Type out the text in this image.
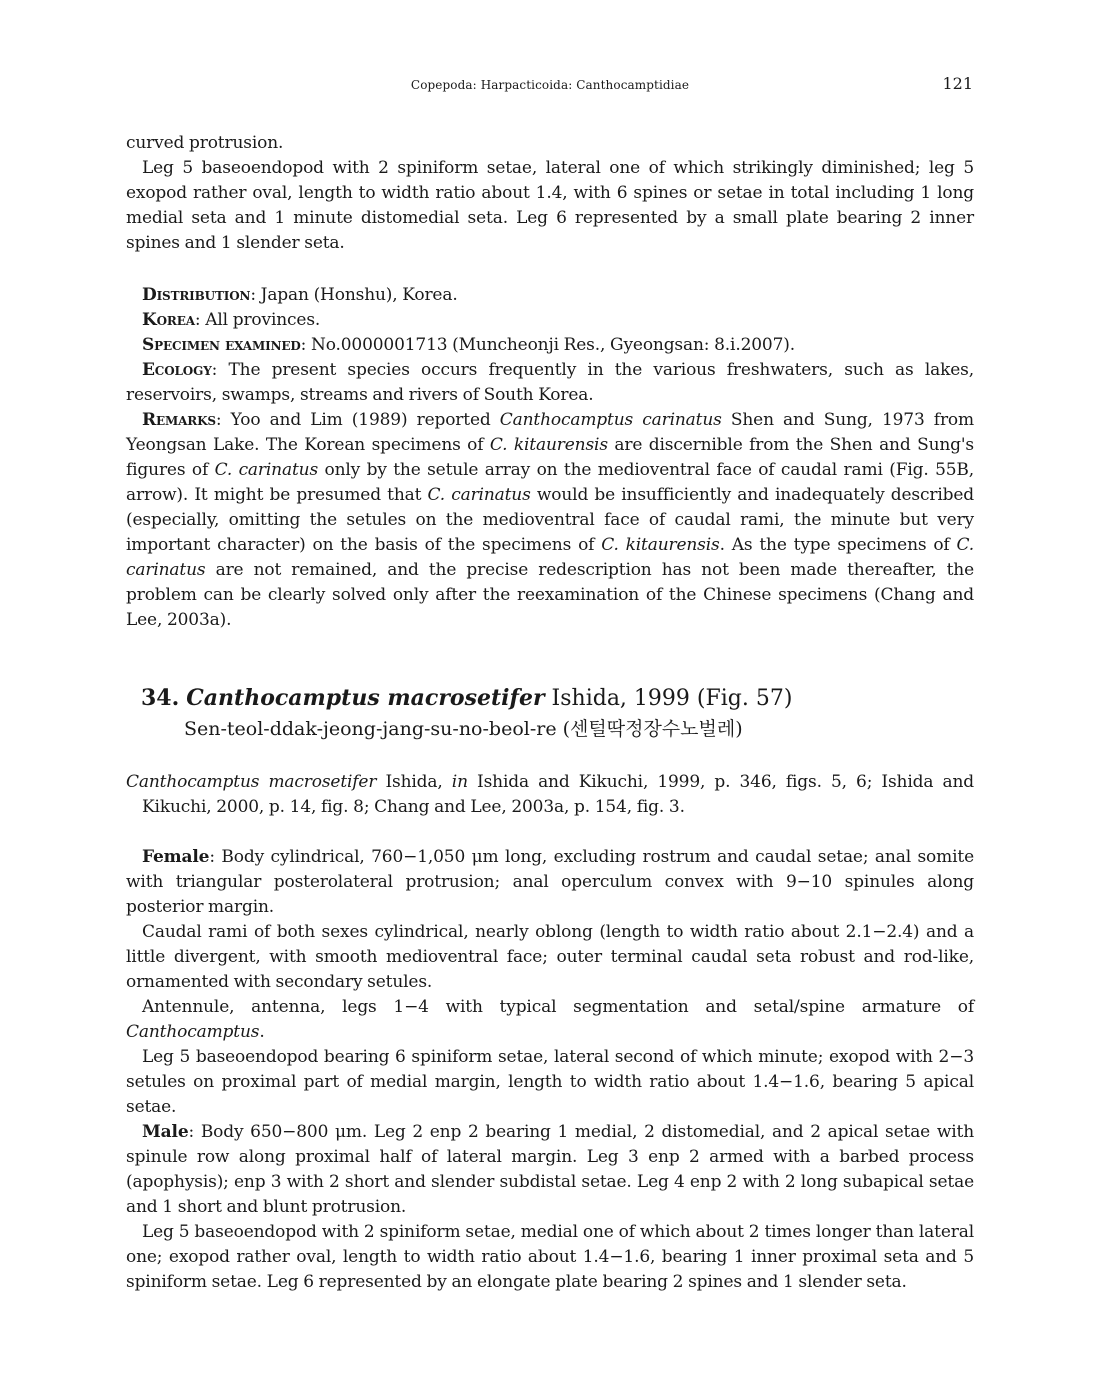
Copepoda: Harpacticoida: Canthocamptidiae	121

curved protrusion.

Leg 5 baseoendopod with 2 spiniform setae, lateral one of which strikingly diminished; leg 5 exopod rather oval, length to width ratio about 1.4, with 6 spines or setae in total including 1 long medial seta and 1 minute distomedial seta. Leg 6 represented by a small plate bearing 2 inner spines and 1 slender seta.

Distribution: Japan (Honshu), Korea.

Korea: All provinces.

Specimen examined: No.0000001713 (Muncheonji Res., Gyeongsan: 8.i.2007).

Ecology: The present species occurs frequently in the various freshwaters, such as lakes, reservoirs, swamps, streams and rivers of South Korea.

Remarks: Yoo and Lim (1989) reported Canthocamptus carinatus Shen and Sung, 1973 from Yeongsan Lake. The Korean specimens of C. kitaurensis are discernible from the Shen and Sung's figures of C. carinatus only by the setule array on the medioventral face of caudal rami (Fig. 55B, arrow). It might be presumed that C. carinatus would be insufficiently and inadequately described (especially, omitting the setules on the medioventral face of caudal rami, the minute but very important character) on the basis of the specimens of C. kitaurensis. As the type specimens of C. carinatus are not remained, and the precise redescription has not been made thereafter, the problem can be clearly solved only after the reexamination of the Chinese specimens (Chang and Lee, 2003a).

34. Canthocamptus macrosetifer Ishida, 1999 (Fig. 57)
Sen-teol-ddak-jeong-jang-su-no-beol-re (센털딱정장수노벌레)

Canthocamptus macrosetifer Ishida, in Ishida and Kikuchi, 1999, p. 346, figs. 5, 6; Ishida and Kikuchi, 2000, p. 14, fig. 8; Chang and Lee, 2003a, p. 154, fig. 3.

Female: Body cylindrical, 760−1,050 μm long, excluding rostrum and caudal setae; anal somite with triangular posterolateral protrusion; anal operculum convex with 9−10 spinules along posterior margin.

Caudal rami of both sexes cylindrical, nearly oblong (length to width ratio about 2.1−2.4) and a little divergent, with smooth medioventral face; outer terminal caudal seta robust and rod-like, ornamented with secondary setules.

Antennule, antenna, legs 1−4 with typical segmentation and setal/spine armature of Canthocamptus.

Leg 5 baseoendopod bearing 6 spiniform setae, lateral second of which minute; exopod with 2−3 setules on proximal part of medial margin, length to width ratio about 1.4−1.6, bearing 5 apical setae.

Male: Body 650−800 μm. Leg 2 enp 2 bearing 1 medial, 2 distomedial, and 2 apical setae with spinule row along proximal half of lateral margin. Leg 3 enp 2 armed with a barbed process (apophysis); enp 3 with 2 short and slender subdistal setae. Leg 4 enp 2 with 2 long subapical setae and 1 short and blunt protrusion.

Leg 5 baseoendopod with 2 spiniform setae, medial one of which about 2 times longer than lateral one; exopod rather oval, length to width ratio about 1.4−1.6, bearing 1 inner proximal seta and 5 spiniform setae. Leg 6 represented by an elongate plate bearing 2 spines and 1 slender seta.
